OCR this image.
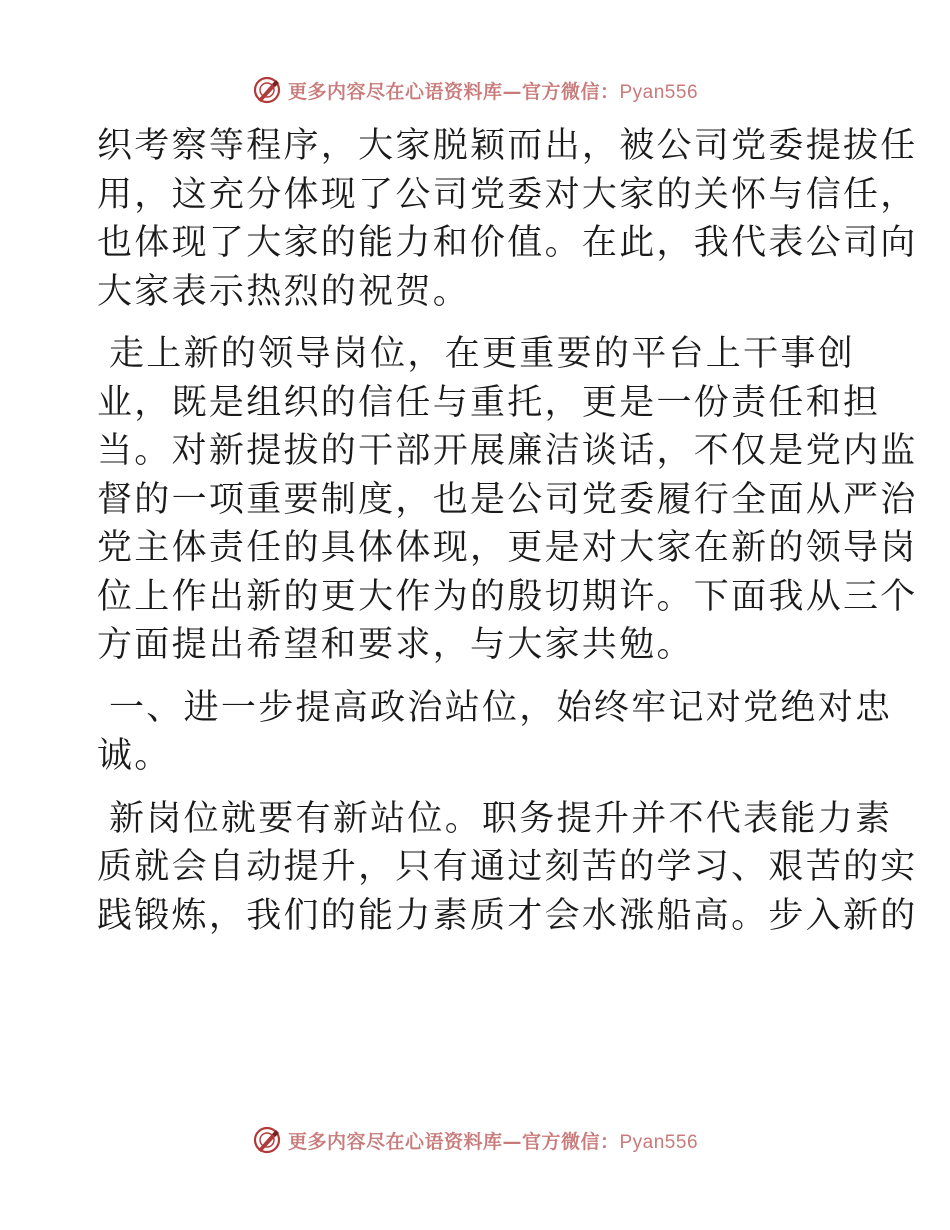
更多内容尽在心语资料库—官方微信：Pyan556
织考察等程序，大家脱颖而出，被公司党委提拔任
用，这充分体现了公司党委对大家的关怀与信任，
也体现了大家的能力和价值。在此，我代表公司向
大家表示热烈的祝贺。
走上新的领导岗位，在更重要的平台上干事创
业，既是组织的信任与重托，更是一份责任和担
当。对新提拔的干部开展廉洁谈话，不仅是党内监
督的一项重要制度，也是公司党委履行全面从严治
党主体责任的具体体现，更是对大家在新的领导岗
位上作出新的更大作为的殷切期许。下面我从三个
方面提出希望和要求，与大家共勉。
一、进一步提高政治站位，始终牢记对党绝对忠
诚。
新岗位就要有新站位。职务提升并不代表能力素
质就会自动提升，只有通过刻苦的学习、艰苦的实
践锻炼，我们的能力素质才会水涨船高。步入新的
更多内容尽在心语资料库—官方微信：Pyan556
